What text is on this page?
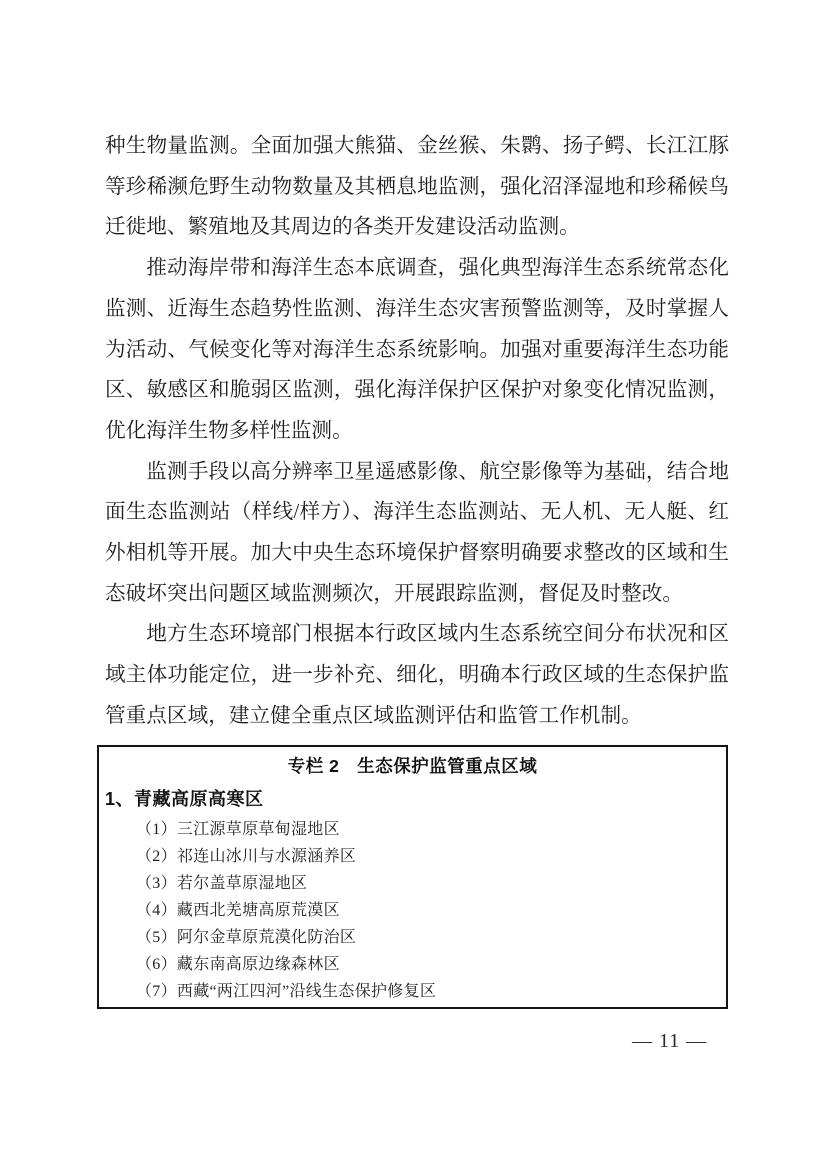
种生物量监测。全面加强大熊猫、金丝猴、朱鹮、扬子鳄、长江江豚等珍稀濒危野生动物数量及其栖息地监测，强化沼泽湿地和珍稀候鸟迁徙地、繁殖地及其周边的各类开发建设活动监测。

推动海岸带和海洋生态本底调查，强化典型海洋生态系统常态化监测、近海生态趋势性监测、海洋生态灾害预警监测等，及时掌握人为活动、气候变化等对海洋生态系统影响。加强对重要海洋生态功能区、敏感区和脆弱区监测，强化海洋保护区保护对象变化情况监测，优化海洋生物多样性监测。

监测手段以高分辨率卫星遥感影像、航空影像等为基础，结合地面生态监测站（样线/样方）、海洋生态监测站、无人机、无人艇、红外相机等开展。加大中央生态环境保护督察明确要求整改的区域和生态破坏突出问题区域监测频次，开展跟踪监测，督促及时整改。

地方生态环境部门根据本行政区域内生态系统空间分布状况和区域主体功能定位，进一步补充、细化，明确本行政区域的生态保护监管重点区域，建立健全重点区域监测评估和监管工作机制。

专栏 2　生态保护监管重点区域
1、青藏高原高寒区
（1）三江源草原草甸湿地区
（2）祁连山冰川与水源涵养区
（3）若尔盖草原湿地区
（4）藏西北羌塘高原荒漠区
（5）阿尔金草原荒漠化防治区
（6）藏东南高原边缘森林区
（7）西藏“两江四河”沿线生态保护修复区
— 11 —
